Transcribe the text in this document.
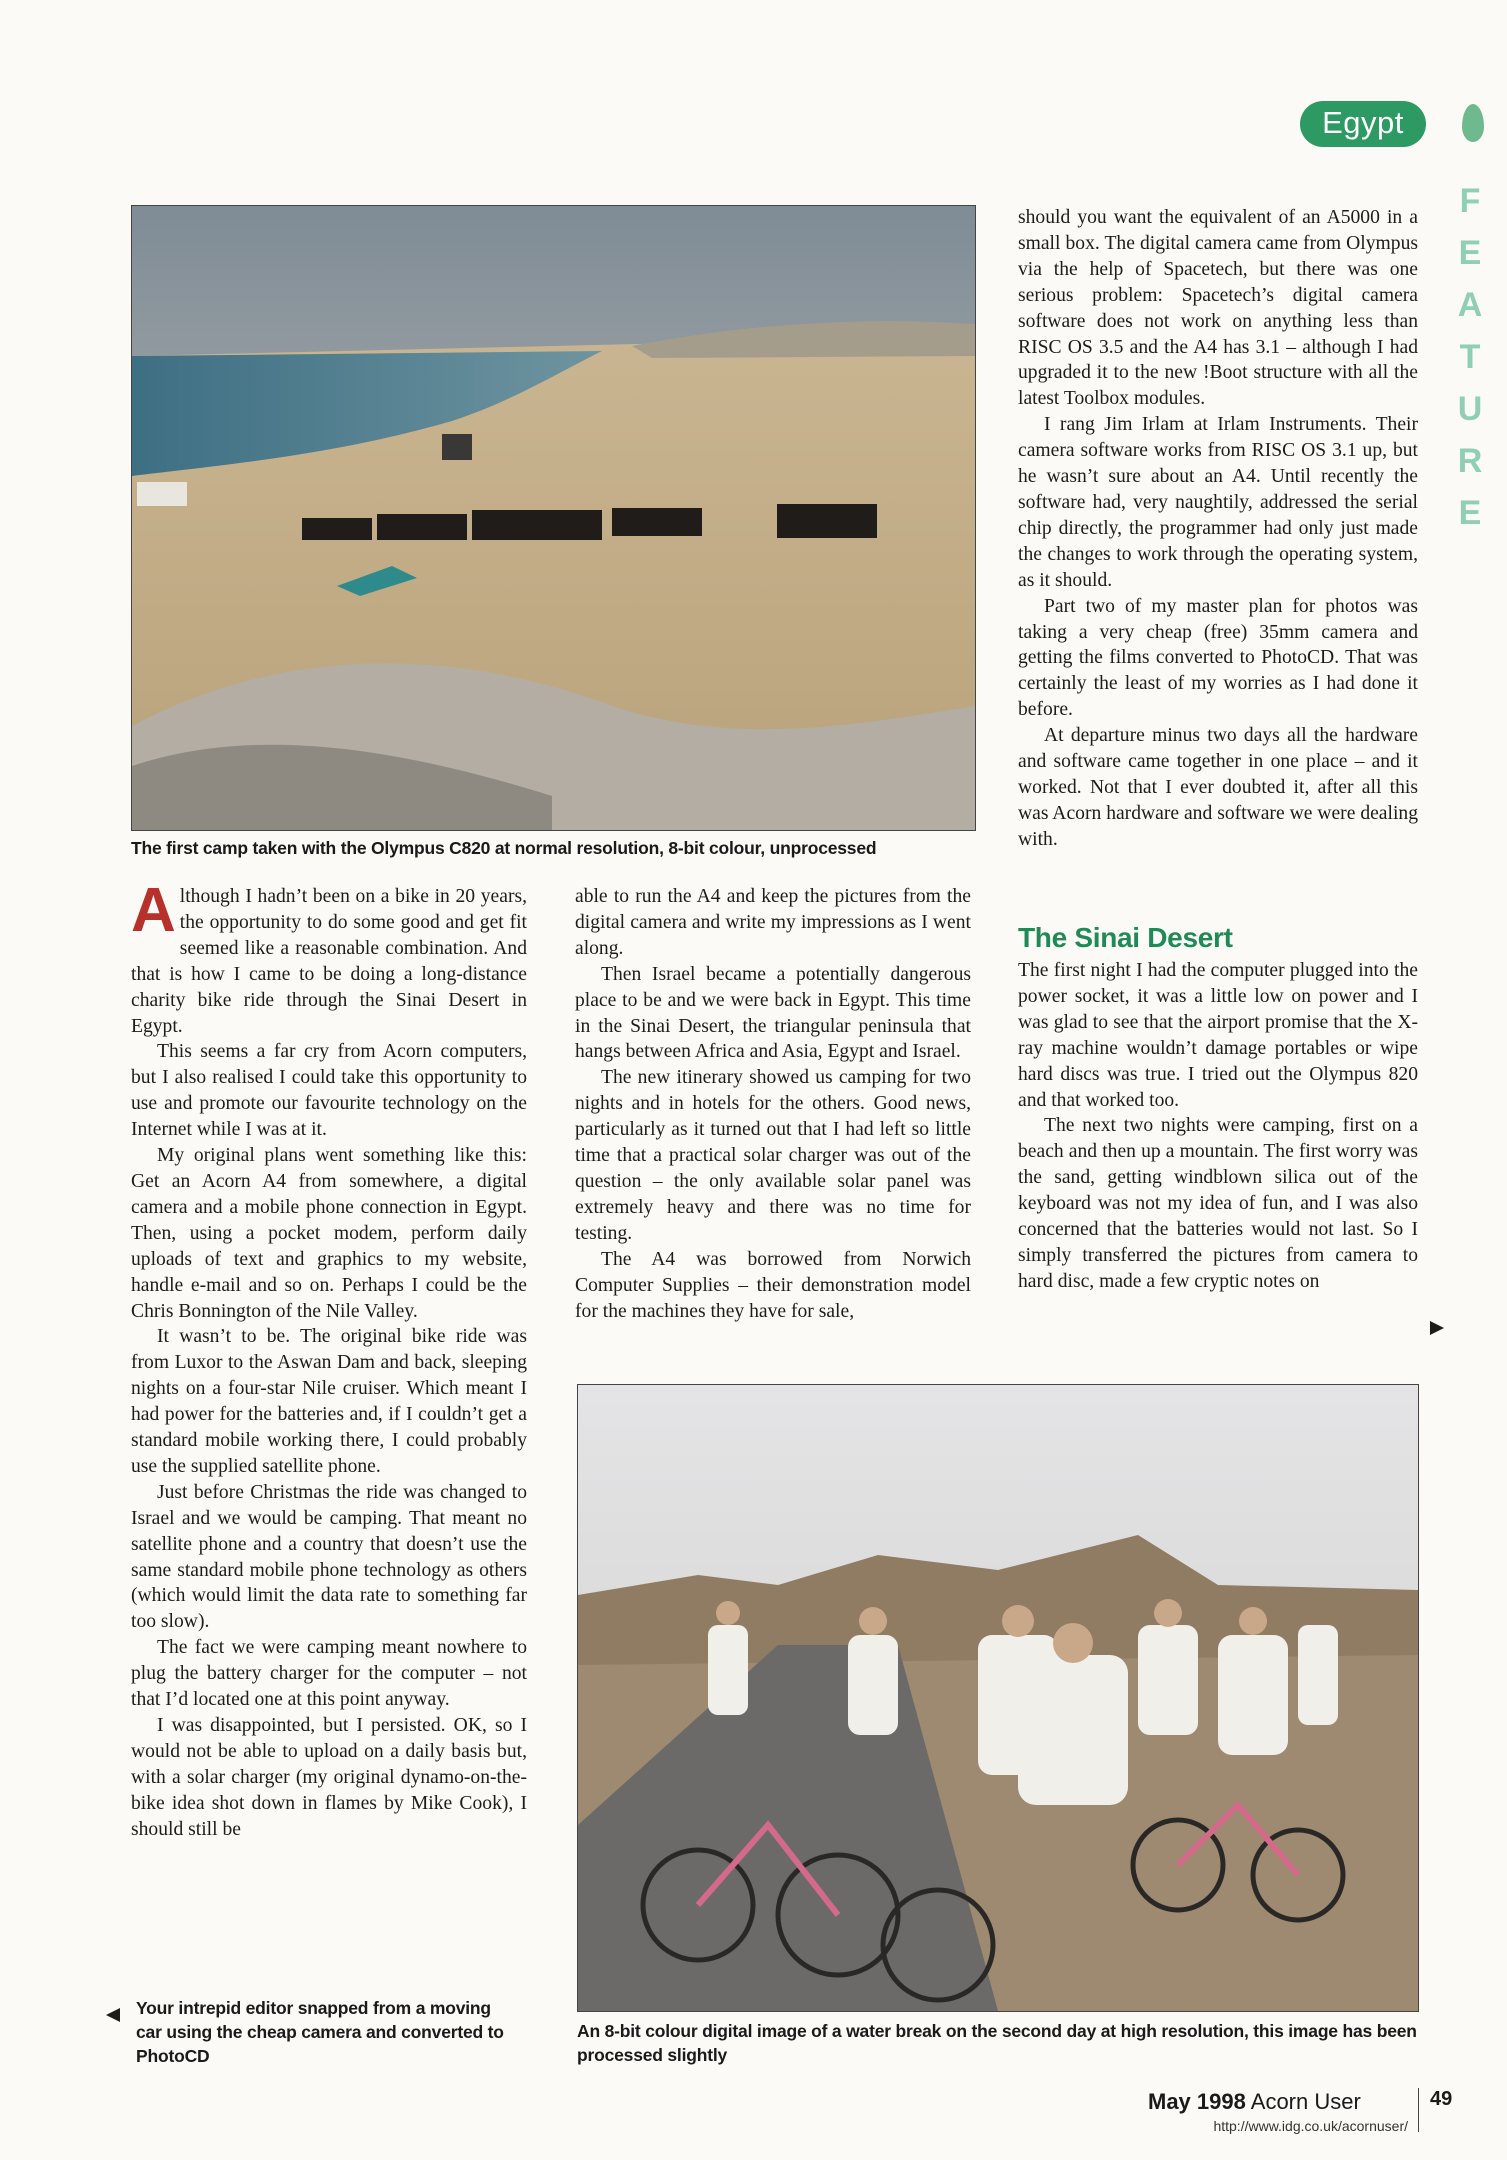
Egypt
F
E
A
T
U
R
E
The first camp taken with the Olympus C820 at normal resolution, 8-bit colour, unprocessed

Although I hadn’t been on a bike in 20 years, the opportunity to do some good and get fit seemed like a reasonable combination. And that is how I came to be doing a long-distance charity bike ride through the Sinai Desert in Egypt.

This seems a far cry from Acorn computers, but I also realised I could take this opportunity to use and promote our favourite technology on the Internet while I was at it.

My original plans went something like this: Get an Acorn A4 from somewhere, a digital camera and a mobile phone connection in Egypt. Then, using a pocket modem, perform daily uploads of text and graphics to my website, handle e-mail and so on. Perhaps I could be the Chris Bonnington of the Nile Valley.

It wasn’t to be. The original bike ride was from Luxor to the Aswan Dam and back, sleeping nights on a four-star Nile cruiser. Which meant I had power for the batteries and, if I couldn’t get a standard mobile working there, I could probably use the supplied satellite phone.

Just before Christmas the ride was changed to Israel and we would be camping. That meant no satellite phone and a country that doesn’t use the same standard mobile phone technology as others (which would limit the data rate to something far too slow).

The fact we were camping meant nowhere to plug the battery charger for the computer – not that I’d located one at this point anyway.

I was disappointed, but I persisted. OK, so I would not be able to upload on a daily basis but, with a solar charger (my original dynamo-on-the-bike idea shot down in flames by Mike Cook), I should still be

able to run the A4 and keep the pictures from the digital camera and write my impressions as I went along.

Then Israel became a potentially dangerous place to be and we were back in Egypt. This time in the Sinai Desert, the triangular peninsula that hangs between Africa and Asia, Egypt and Israel.

The new itinerary showed us camping for two nights and in hotels for the others. Good news, particularly as it turned out that I had left so little time that a practical solar charger was out of the question – the only available solar panel was extremely heavy and there was no time for testing.

The A4 was borrowed from Norwich Computer Supplies – their demonstration model for the machines they have for sale,

should you want the equivalent of an A5000 in a small box. The digital camera came from Olympus via the help of Spacetech, but there was one serious problem: Spacetech’s digital camera software does not work on anything less than RISC OS 3.5 and the A4 has 3.1 – although I had upgraded it to the new !Boot structure with all the latest Toolbox modules.

I rang Jim Irlam at Irlam Instruments. Their camera software works from RISC OS 3.1 up, but he wasn’t sure about an A4. Until recently the software had, very naughtily, addressed the serial chip directly, the programmer had only just made the changes to work through the operating system, as it should.

Part two of my master plan for photos was taking a very cheap (free) 35mm camera and getting the films converted to PhotoCD. That was certainly the least of my worries as I had done it before.

At departure minus two days all the hardware and software came together in one place – and it worked. Not that I ever doubted it, after all this was Acorn hardware and software we were dealing with.

The Sinai Desert

The first night I had the computer plugged into the power socket, it was a little low on power and I was glad to see that the airport promise that the X-ray machine wouldn’t damage portables or wipe hard discs was true. I tried out the Olympus 820 and that worked too.

The next two nights were camping, first on a beach and then up a mountain. The first worry was the sand, getting windblown silica out of the keyboard was not my idea of fun, and I was also concerned that the batteries would not last. So I simply transferred the pictures from camera to hard disc, made a few cryptic notes on

An 8-bit colour digital image of a water break on the second day at high resolution, this image has been processed slightly
Your intrepid editor snapped from a moving car using the cheap camera and converted to PhotoCD
May 1998 Acorn User	49
http://www.idg.co.uk/acornuser/
